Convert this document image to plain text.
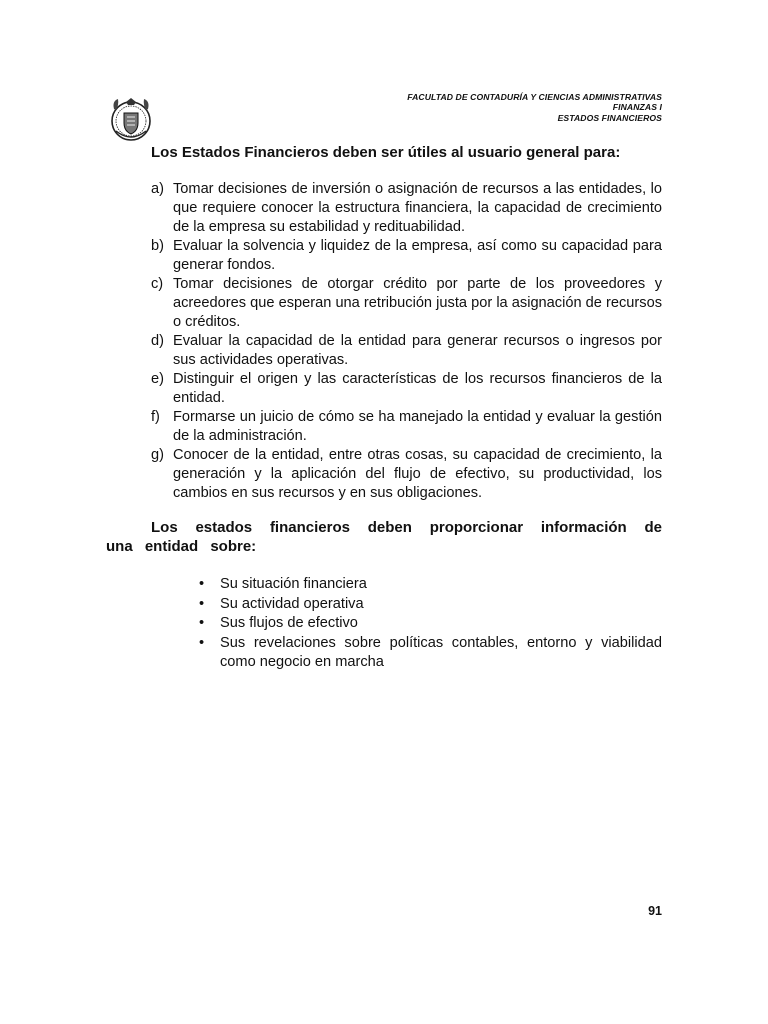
FACULTAD DE CONTADURÍA Y CIENCIAS ADMINISTRATIVAS
FINANZAS I
ESTADOS FINANCIEROS
Los Estados Financieros deben ser útiles al usuario general para:
a) Tomar decisiones de inversión o asignación de recursos a las entidades, lo que requiere conocer la estructura financiera, la capacidad de crecimiento de la empresa su estabilidad y redituabilidad.
b) Evaluar la solvencia y liquidez de la empresa, así como su capacidad para generar fondos.
c) Tomar decisiones de otorgar crédito por parte de los proveedores y acreedores que esperan una retribución justa por la asignación de recursos o créditos.
d) Evaluar la capacidad de la entidad para generar recursos o ingresos por sus actividades operativas.
e) Distinguir el origen y las características de los recursos financieros de la entidad.
f) Formarse un juicio de cómo se ha manejado la entidad y evaluar la gestión de la administración.
g) Conocer de la entidad, entre otras cosas, su capacidad de crecimiento, la generación y la aplicación del flujo de efectivo, su productividad, los cambios en sus recursos y en sus obligaciones.
Los estados financieros deben proporcionar información de una entidad sobre:
• Su situación financiera
• Su actividad operativa
• Sus flujos de efectivo
• Sus revelaciones sobre políticas contables, entorno y viabilidad como negocio en marcha
91
